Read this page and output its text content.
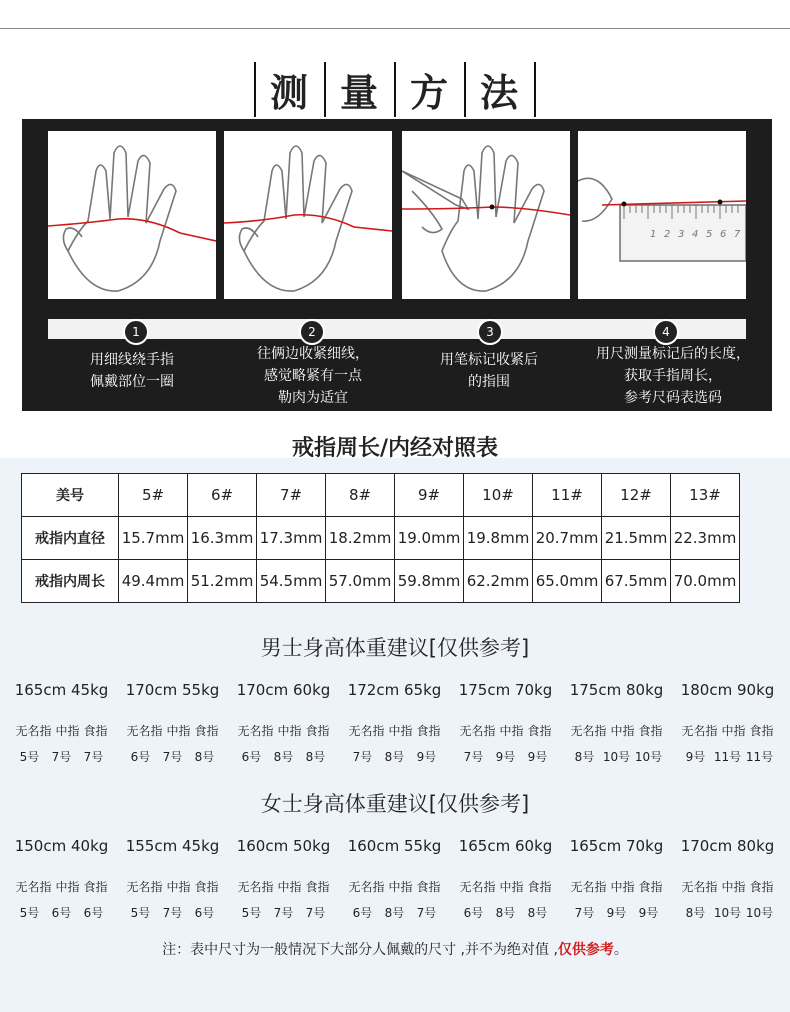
测 量 方 法
1 2 3 4 5 6 7
1	2	3	4
用细线绕手指
佩戴部位一圈
往俩边收紧细线，
感觉略紧有一点
勒肉为适宜
用笔标记收紧后
的指围
用尺测量标记后的长度，
获取手指周长，
参考尺码表选码
戒指周长/内经对照表
美号	5#	6#	7#	8#	9#	10#	11#	12#	13#
戒指内直径	15.7mm	16.3mm	17.3mm	18.2mm	19.0mm	19.8mm	20.7mm	21.5mm	22.3mm
戒指内周长	49.4mm	51.2mm	54.5mm	57.0mm	59.8mm	62.2mm	65.0mm	67.5mm	70.0mm
男士身高体重建议[仅供参考]
165cm 45kg	170cm 55kg	170cm 60kg	172cm 65kg	175cm 70kg	175cm 80kg	180cm 90kg
无名指 中指 食指	无名指 中指 食指	无名指 中指 食指	无名指 中指 食指	无名指 中指 食指	无名指 中指 食指	无名指 中指 食指
5号 7号 7号	6号 7号 8号	6号 8号 8号	7号 8号 9号	7号 9号 9号	8号 10号 10号	9号 11号 11号
女士身高体重建议[仅供参考]
150cm 40kg	155cm 45kg	160cm 50kg	160cm 55kg	165cm 60kg	165cm 70kg	170cm 80kg
无名指 中指 食指	无名指 中指 食指	无名指 中指 食指	无名指 中指 食指	无名指 中指 食指	无名指 中指 食指	无名指 中指 食指
5号 6号 6号	5号 7号 6号	5号 7号 7号	6号 8号 7号	6号 8号 8号	7号 9号 9号	8号 10号 10号
注：表中尺寸为一般情况下大部分人佩戴的尺寸 ,并不为绝对值 ,仅供参考。
